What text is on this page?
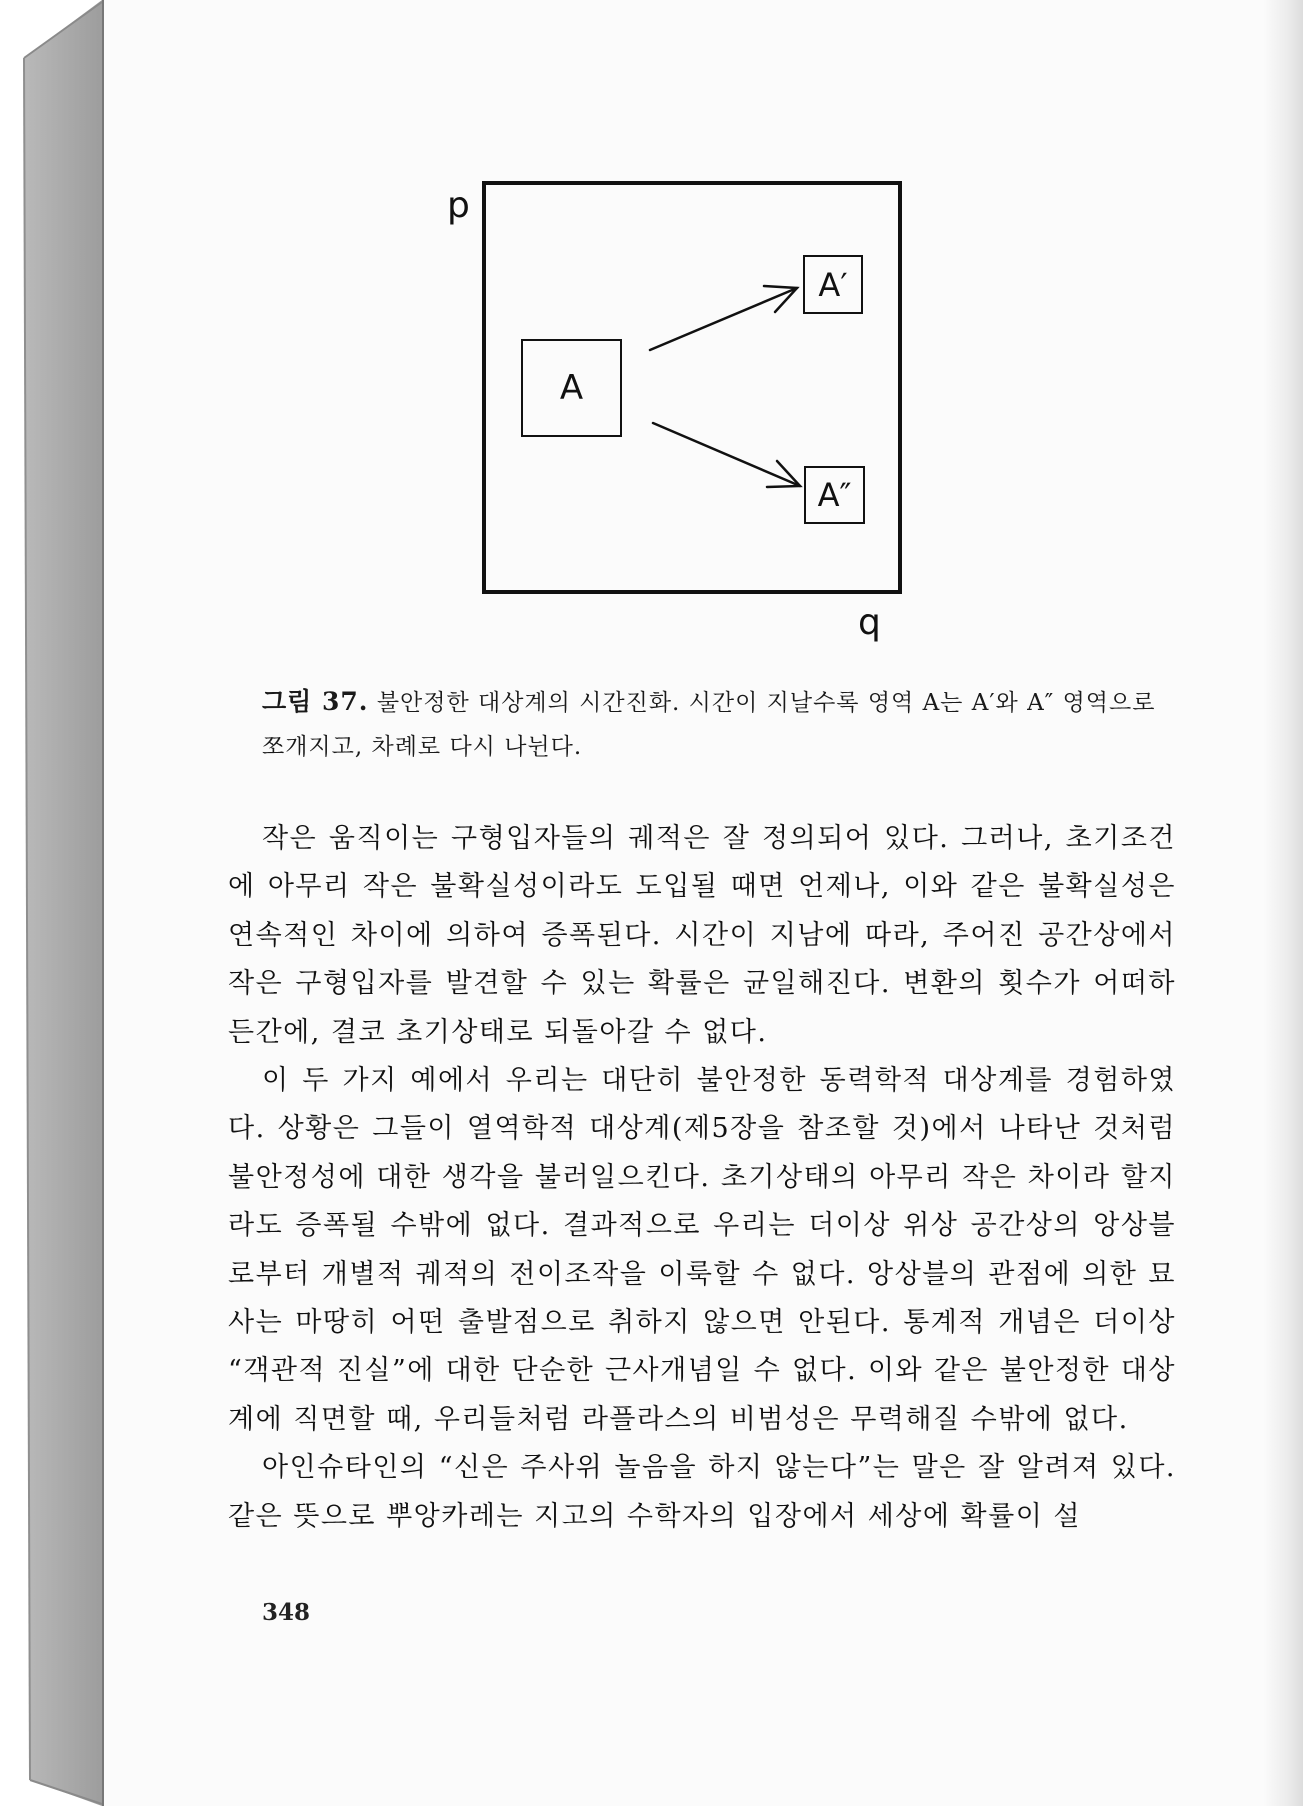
p
q
A
A′
A″
그림 37. 불안정한 대상계의 시간진화. 시간이 지날수록 영역 A는 A′와 A″ 영역으로 쪼개지고, 차례로 다시 나뉜다.

작은 움직이는 구형입자들의 궤적은 잘 정의되어 있다. 그러나, 초기조건에 아무리 작은 불확실성이라도 도입될 때면 언제나, 이와 같은 불확실성은 연속적인 차이에 의하여 증폭된다. 시간이 지남에 따라, 주어진 공간상에서 작은 구형입자를 발견할 수 있는 확률은 균일해진다. 변환의 횟수가 어떠하든간에, 결코 초기상태로 되돌아갈 수 없다.

이 두 가지 예에서 우리는 대단히 불안정한 동력학적 대상계를 경험하였다. 상황은 그들이 열역학적 대상계(제5장을 참조할 것)에서 나타난 것처럼 불안정성에 대한 생각을 불러일으킨다. 초기상태의 아무리 작은 차이라 할지라도 증폭될 수밖에 없다. 결과적으로 우리는 더이상 위상 공간상의 앙상블로부터 개별적 궤적의 전이조작을 이룩할 수 없다. 앙상블의 관점에 의한 묘사는 마땅히 어떤 출발점으로 취하지 않으면 안된다. 통계적 개념은 더이상 “객관적 진실”에 대한 단순한 근사개념일 수 없다. 이와 같은 불안정한 대상계에 직면할 때, 우리들처럼 라플라스의 비범성은 무력해질 수밖에 없다.

아인슈타인의 “신은 주사위 놀음을 하지 않는다”는 말은 잘 알려져 있다. 같은 뜻으로 뿌앙카레는 지고의 수학자의 입장에서 세상에 확률이 설

348
